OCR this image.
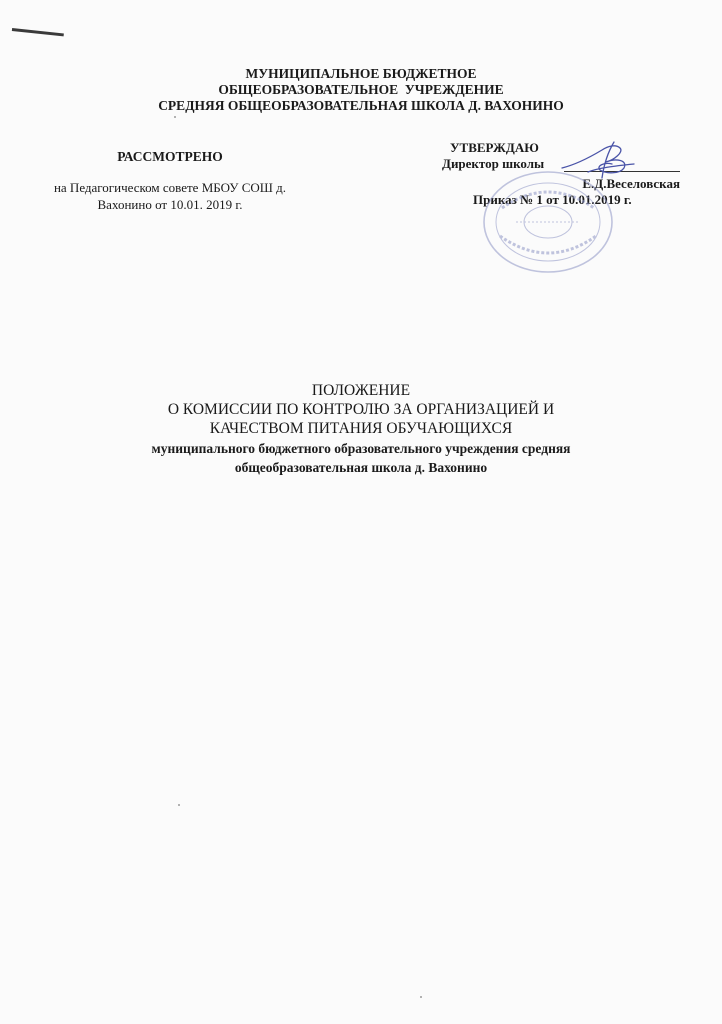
МУНИЦИПАЛЬНОЕ БЮДЖЕТНОЕ
ОБЩЕОБРАЗОВАТЕЛЬНОЕ  УЧРЕЖДЕНИЕ
СРЕДНЯЯ ОБЩЕОБРАЗОВАТЕЛЬНАЯ ШКОЛА Д. ВАХОНИНО
РАССМОТРЕНО
на Педагогическом совете МБОУ СОШ д.
Вахонино от 10.01. 2019 г.
УТВЕРЖДАЮ
Директор школы
Е.Д.Веселовская
Приказ № 1 от 10.01.2019 г.
ПОЛОЖЕНИЕ
О КОМИССИИ ПО КОНТРОЛЮ ЗА ОРГАНИЗАЦИЕЙ И
КАЧЕСТВОМ ПИТАНИЯ ОБУЧАЮЩИХСЯ
муниципального бюджетного образовательного учреждения средняя
общеобразовательная школа д. Вахонино
